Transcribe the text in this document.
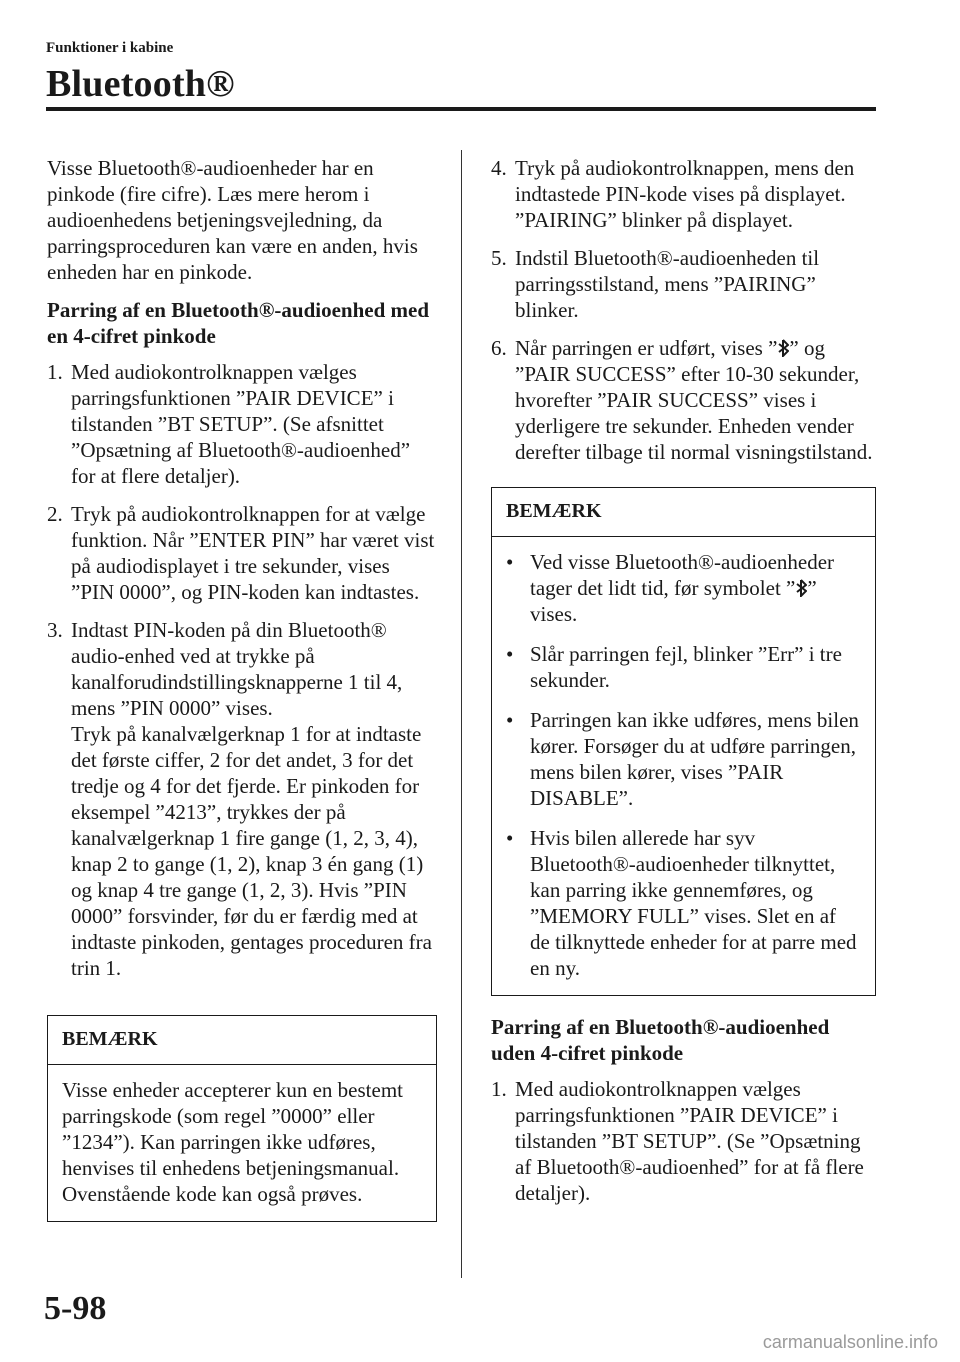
Funktioner i kabine
Bluetooth®

Visse Bluetooth®-audioenheder har en pinkode (fire cifre). Læs mere herom i audioenhedens betjeningsvejledning, da parringsproceduren kan være en anden, hvis enheden har en pinkode.

Parring af en Bluetooth®-audioenhed med en 4-cifret pinkode
1. Med audiokontrolknappen vælges parringsfunktionen ”PAIR DEVICE” i tilstanden ”BT SETUP”. (Se afsnittet ”Opsætning af Bluetooth®-audioenhed” for at flere detaljer).
2. Tryk på audiokontrolknappen for at vælge funktion. Når ”ENTER PIN” har været vist på audiodisplayet i tre sekunder, vises ”PIN 0000”, og PIN-koden kan indtastes.
3. Indtast PIN-koden på din Bluetooth® audio-enhed ved at trykke på kanalforudindstillingsknapperne 1 til 4, mens ”PIN 0000” vises.
Tryk på kanalvælgerknap 1 for at indtaste det første ciffer, 2 for det andet, 3 for det tredje og 4 for det fjerde. Er pinkoden for eksempel ”4213”, trykkes der på kanalvælgerknap 1 fire gange (1, 2, 3, 4), knap 2 to gange (1, 2), knap 3 én gang (1) og knap 4 tre gange (1, 2, 3). Hvis ”PIN 0000” forsvinder, før du er færdig med at indtaste pinkoden, gentages proceduren fra trin 1.
BEMÆRK
Visse enheder accepterer kun en bestemt parringskode (som regel ”0000” eller ”1234”). Kan parringen ikke udføres, henvises til enhedens betjeningsmanual. Ovenstående kode kan også prøves.
4. Tryk på audiokontrolknappen, mens den indtastede PIN-kode vises på displayet.
”PAIRING” blinker på displayet.
5. Indstil Bluetooth®-audioenheden til parringsstilstand, mens ”PAIRING” blinker.
6. Når parringen er udført, vises ” ” og ”PAIR SUCCESS” efter 10-30 sekunder, hvorefter ”PAIR SUCCESS” vises i yderligere tre sekunder. Enheden vender derefter tilbage til normal visningstilstand.
BEMÆRK
• Ved visse Bluetooth®-audioenheder tager det lidt tid, før symbolet ” ” vises.
• Slår parringen fejl, blinker ”Err” i tre sekunder.
• Parringen kan ikke udføres, mens bilen kører. Forsøger du at udføre parringen, mens bilen kører, vises ”PAIR DISABLE”.
• Hvis bilen allerede har syv Bluetooth®-audioenheder tilknyttet, kan parring ikke gennemføres, og ”MEMORY FULL” vises. Slet en af de tilknyttede enheder for at parre med en ny.
Parring af en Bluetooth®-audioenhed uden 4-cifret pinkode
1. Med audiokontrolknappen vælges parringsfunktionen ”PAIR DEVICE” i tilstanden ”BT SETUP”. (Se ”Opsætning af Bluetooth®-audioenhed” for at få flere detaljer).
5-98
carmanualsonline.info
